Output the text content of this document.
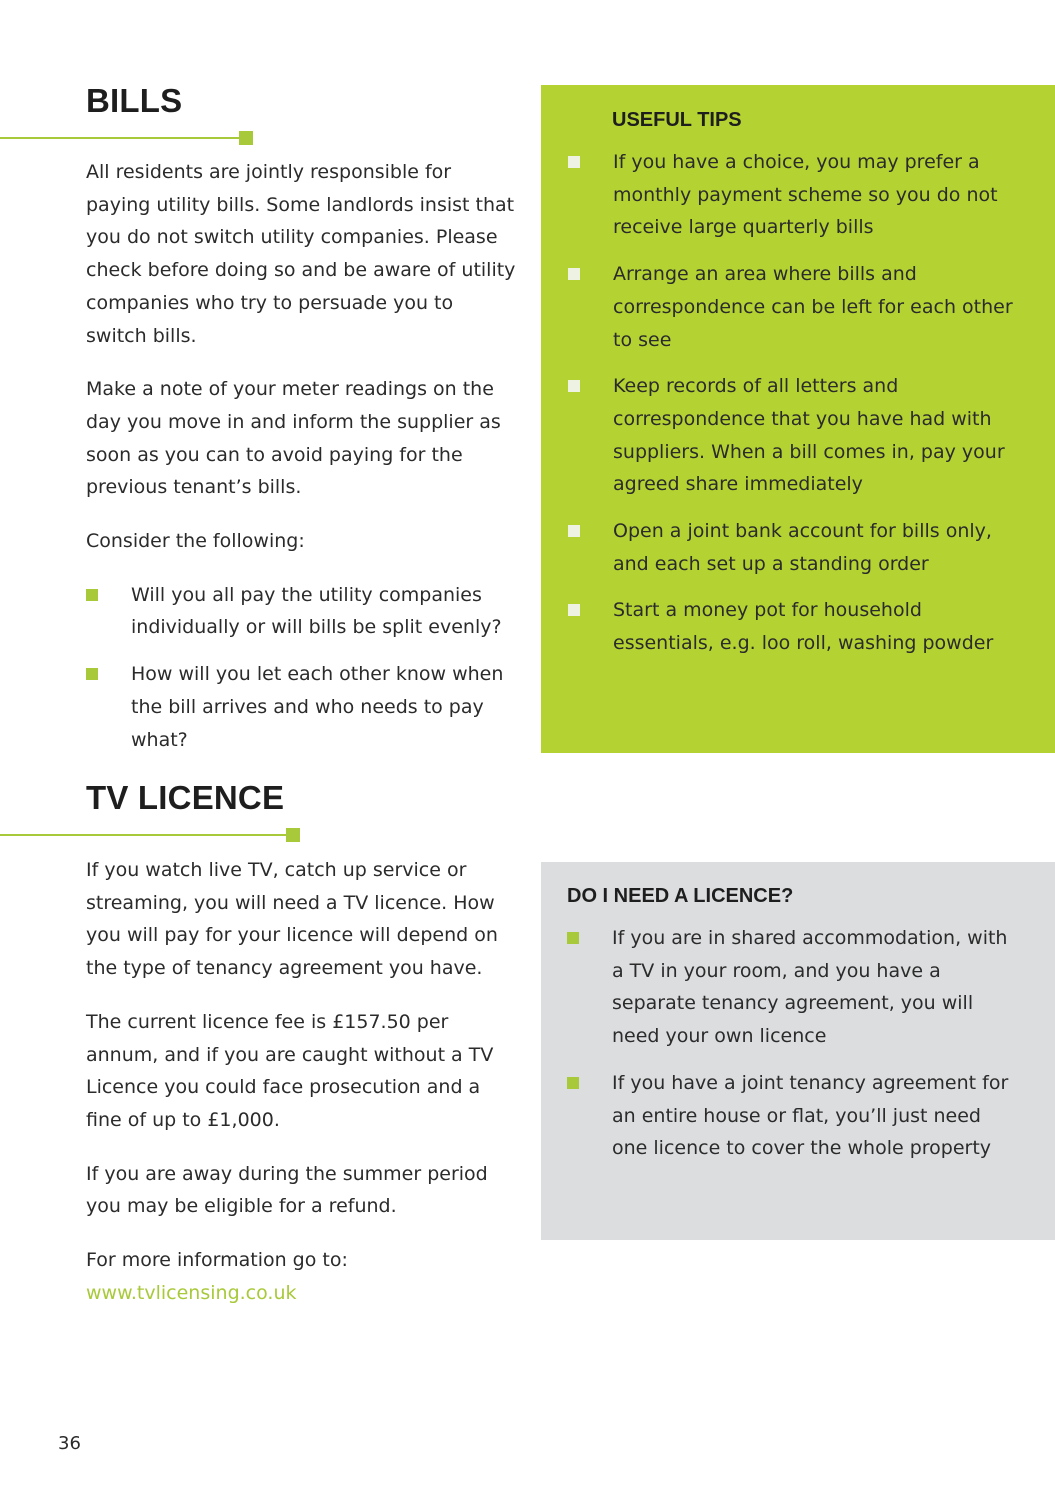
BILLS

All residents are jointly responsible for paying utility bills. Some landlords insist that you do not switch utility companies. Please check before doing so and be aware of utility companies who try to persuade you to switch bills.

Make a note of your meter readings on the day you move in and inform the supplier as soon as you can to avoid paying for the previous tenant’s bills.

Consider the following:

Will you all pay the utility companies individually or will bills be split evenly?
How will you let each other know when the bill arrives and who needs to pay what?
TV LICENCE

If you watch live TV, catch up service or streaming, you will need a TV licence. How you will pay for your licence will depend on the type of tenancy agreement you have.

The current licence fee is £157.50 per annum, and if you are caught without a TV Licence you could face prosecution and a fine of up to £1,000.

If you are away during the summer period you may be eligible for a refund.

For more information go to:
www.tvlicensing.co.uk

USEFUL TIPS
If you have a choice, you may prefer a monthly payment scheme so you do not receive large quarterly bills
Arrange an area where bills and correspondence can be left for each other to see
Keep records of all letters and correspondence that you have had with suppliers. When a bill comes in, pay your agreed share immediately
Open a joint bank account for bills only, and each set up a standing order
Start a money pot for household essentials, e.g. loo roll, washing powder
DO I NEED A LICENCE?
If you are in shared accommodation, with a TV in your room, and you have a separate tenancy agreement, you will need your own licence
If you have a joint tenancy agreement for an entire house or flat, you’ll just need one licence to cover the whole property
36
